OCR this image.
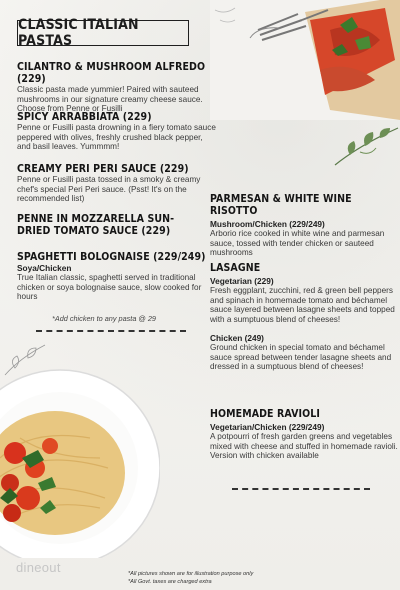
CLASSIC ITALIAN PASTAS
CILANTRO & MUSHROOM ALFREDO (229)
Classic pasta made yummier! Paired with sauteed mushrooms in our signature creamy cheese sauce. Choose from Penne or Fusilli
SPICY ARRABBIATA (229)
Penne or Fusilli pasta drowning in a fiery tomato sauce peppered with olives, freshly crushed black pepper, and basil leaves. Yummmm!
CREAMY PERI PERI SAUCE (229)
Penne or Fusilli pasta tossed in a smoky & creamy chef's special Peri Peri sauce. (Psst! It's on the recommended list)
PENNE IN MOZZARELLA SUN-DRIED TOMATO SAUCE (229)
SPAGHETTI BOLOGNAISE (229/249)
Soya/Chicken
True Italian classic, spaghetti served in traditional chicken or soya bolognaise sauce, slow cooked for hours
*Add chicken to any pasta @ 29
PARMESAN & WHITE WINE RISOTTO
Mushroom/Chicken (229/249)
Arborio rice cooked in white wine and parmesan sauce, tossed with tender chicken or sauteed mushrooms
LASAGNE
Vegetarian (229)
Fresh eggplant, zucchini, red & green bell peppers and spinach in homemade tomato and béchamel sauce layered between lasagne sheets and topped with a sumptuous blend of cheeses!
Chicken (249)
Ground chicken in special tomato and béchamel sauce spread between tender lasagne sheets and dressed in a sumptuous blend of cheeses!
HOMEMADE RAVIOLI
Vegetarian/Chicken (229/249)
A potpourri of fresh garden greens and vegetables mixed with cheese and stuffed in homemade ravioli. Version with chicken available
dineout	*All pictures shown are for illustration purpose only
*All Govt. taxes are charged extra
